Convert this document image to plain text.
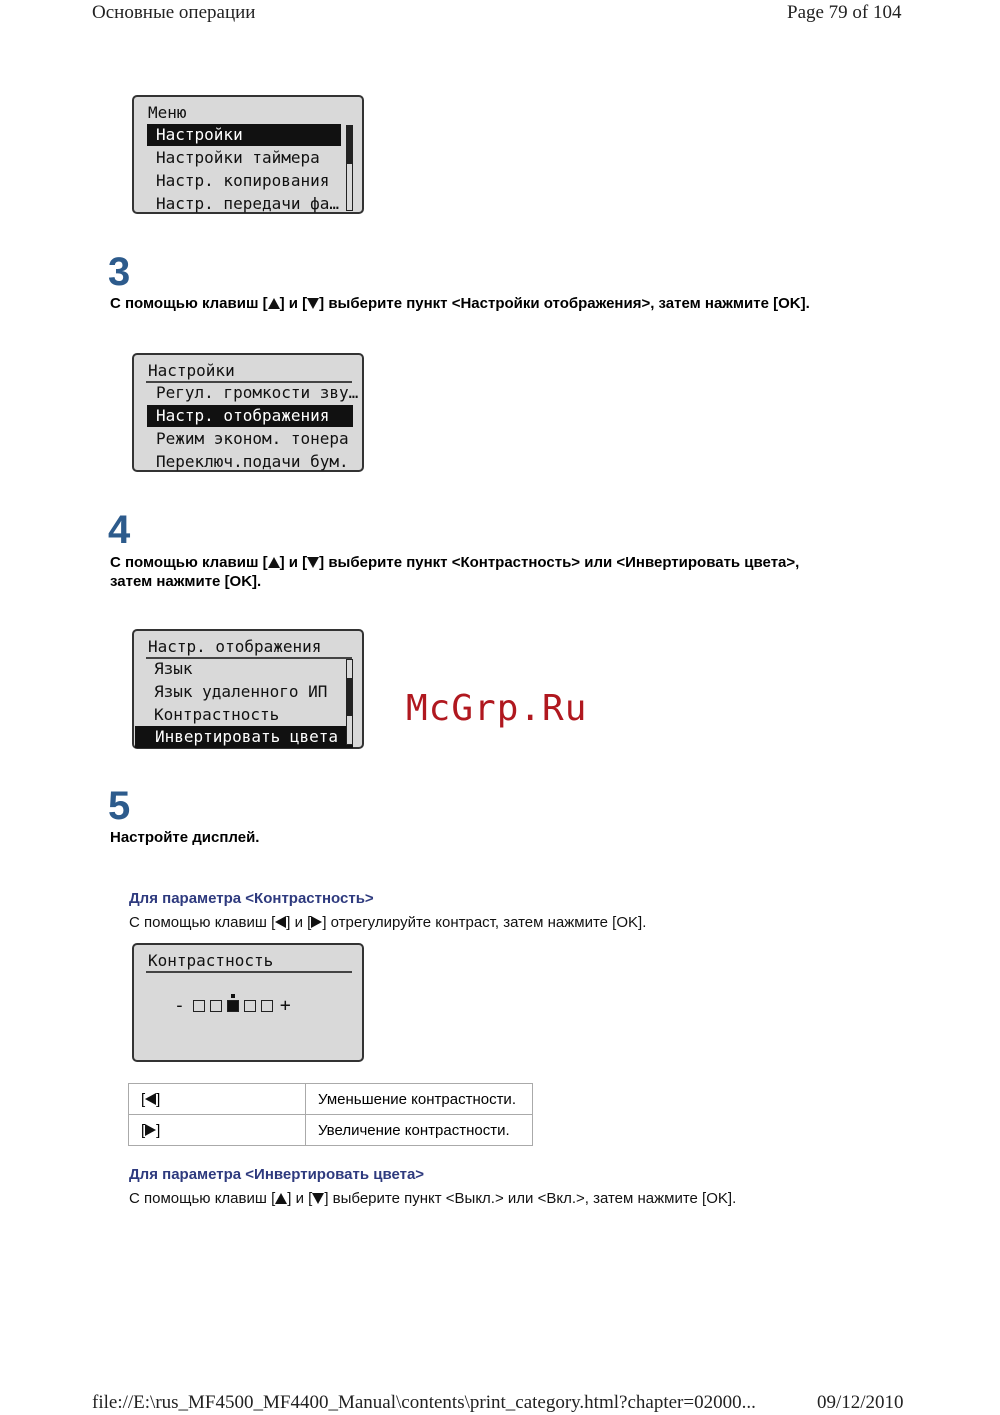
Основные операции	Page 79 of 104
Меню
Настройки
Настройки таймера
Настр. копирования
Настр. передачи фа…
3
С помощью клавиш [ ] и [ ] выберите пункт <Настройки отображения>, затем нажмите [OK].
Настройки
Регул. громкости зву…
Настр. отображения
Режим эконом. тонера
Переключ.подачи бум.
4
С помощью клавиш [ ] и [ ] выберите пункт <Контрастность> или <Инвертировать цвета>,
затем нажмите [OK].
Настр. отображения
Язык
Язык удаленного ИП
Контрастность
Инвертировать цвета
McGrp.Ru
5
Настройте дисплей.
Для параметра <Контрастность>
С помощью клавиш [ ] и [ ] отрегулируйте контраст, затем нажмите [OK].
Контрастность
-	+
[ ]	Уменьшение контрастности.
[ ]	Увеличение контрастности.
Для параметра <Инвертировать цвета>
С помощью клавиш [ ] и [ ] выберите пункт <Выкл.> или <Вкл.>, затем нажмите [OK].
file://E:\rus_MF4500_MF4400_Manual\contents\print_category.html?chapter=02000...	09/12/2010
